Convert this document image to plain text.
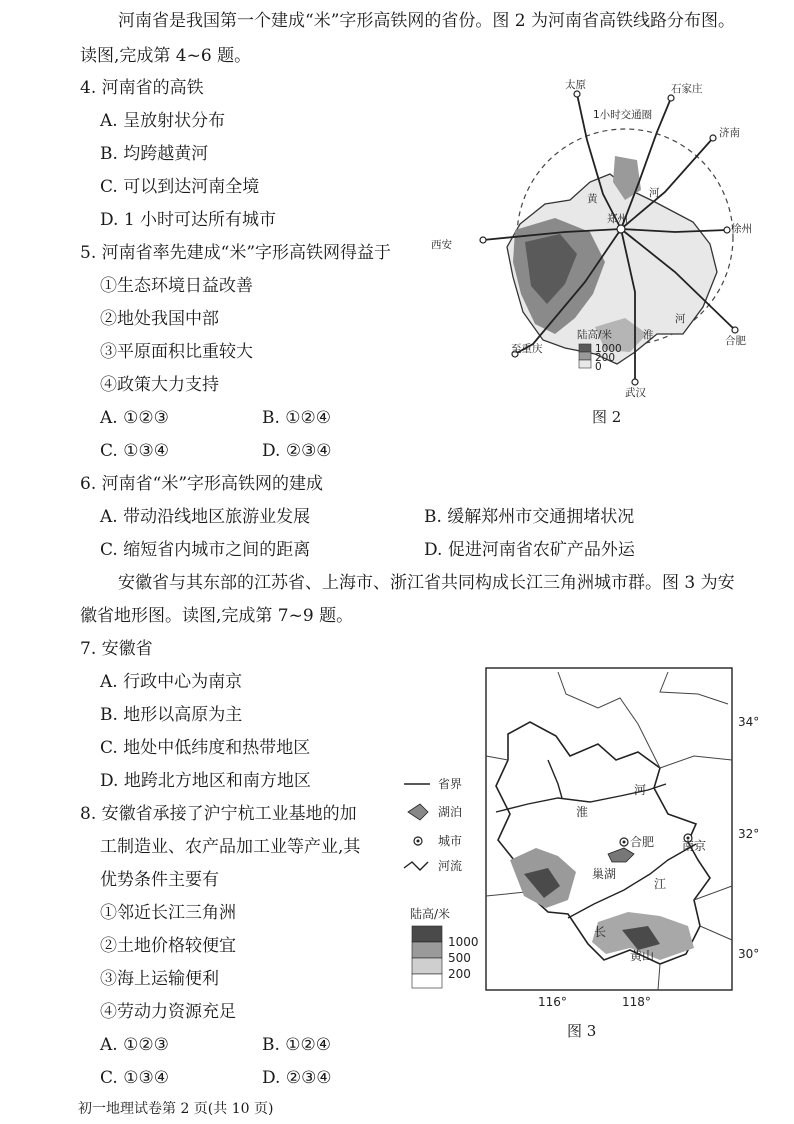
河南省是我国第一个建成“米”字形高铁网的省份。图 2 为河南省高铁线路分布图。
读图,完成第 4~6 题。
4. 河南省的高铁
A. 呈放射状分布
B. 均跨越黄河
C. 可以到达河南全境
D. 1 小时可达所有城市
5. 河南省率先建成“米”字形高铁网得益于
①生态环境日益改善
②地处我国中部
③平原面积比重较大
④政策大力支持
A. ①②③	B. ①②④
C. ①③④	D. ②③④
6. 河南省“米”字形高铁网的建成
A. 带动沿线地区旅游业发展	B. 缓解郑州市交通拥堵状况
C. 缩短省内城市之间的距离	D. 促进河南省农矿产品外运
安徽省与其东部的江苏省、上海市、浙江省共同构成长江三角洲城市群。图 3 为安
徽省地形图。读图,完成第 7~9 题。
7. 安徽省
A. 行政中心为南京
B. 地形以高原为主
C. 地处中低纬度和热带地区
D. 地跨北方地区和南方地区
8. 安徽省承接了沪宁杭工业基地的加
工制造业、农产品加工业等产业,其
优势条件主要有
①邻近长江三角洲
②土地价格较便宜
③海上运输便利
④劳动力资源充足
A. ①②③	B. ①②④
C. ①③④	D. ②③④
太原	石家庄
济南
徐州
合肥
武汉
至重庆
西安
郑州
1小时交通圈
黄	河
淮
河
陆高/米
1000
200
0
图 2
合肥 南京
巢湖
黄山
淮
河
长
江
34°
32°
30°
116°	118°
省界
湖泊
城市
河流
陆高/米
1000
500
200
图 3
初一地理试卷第 2 页(共 10 页)
